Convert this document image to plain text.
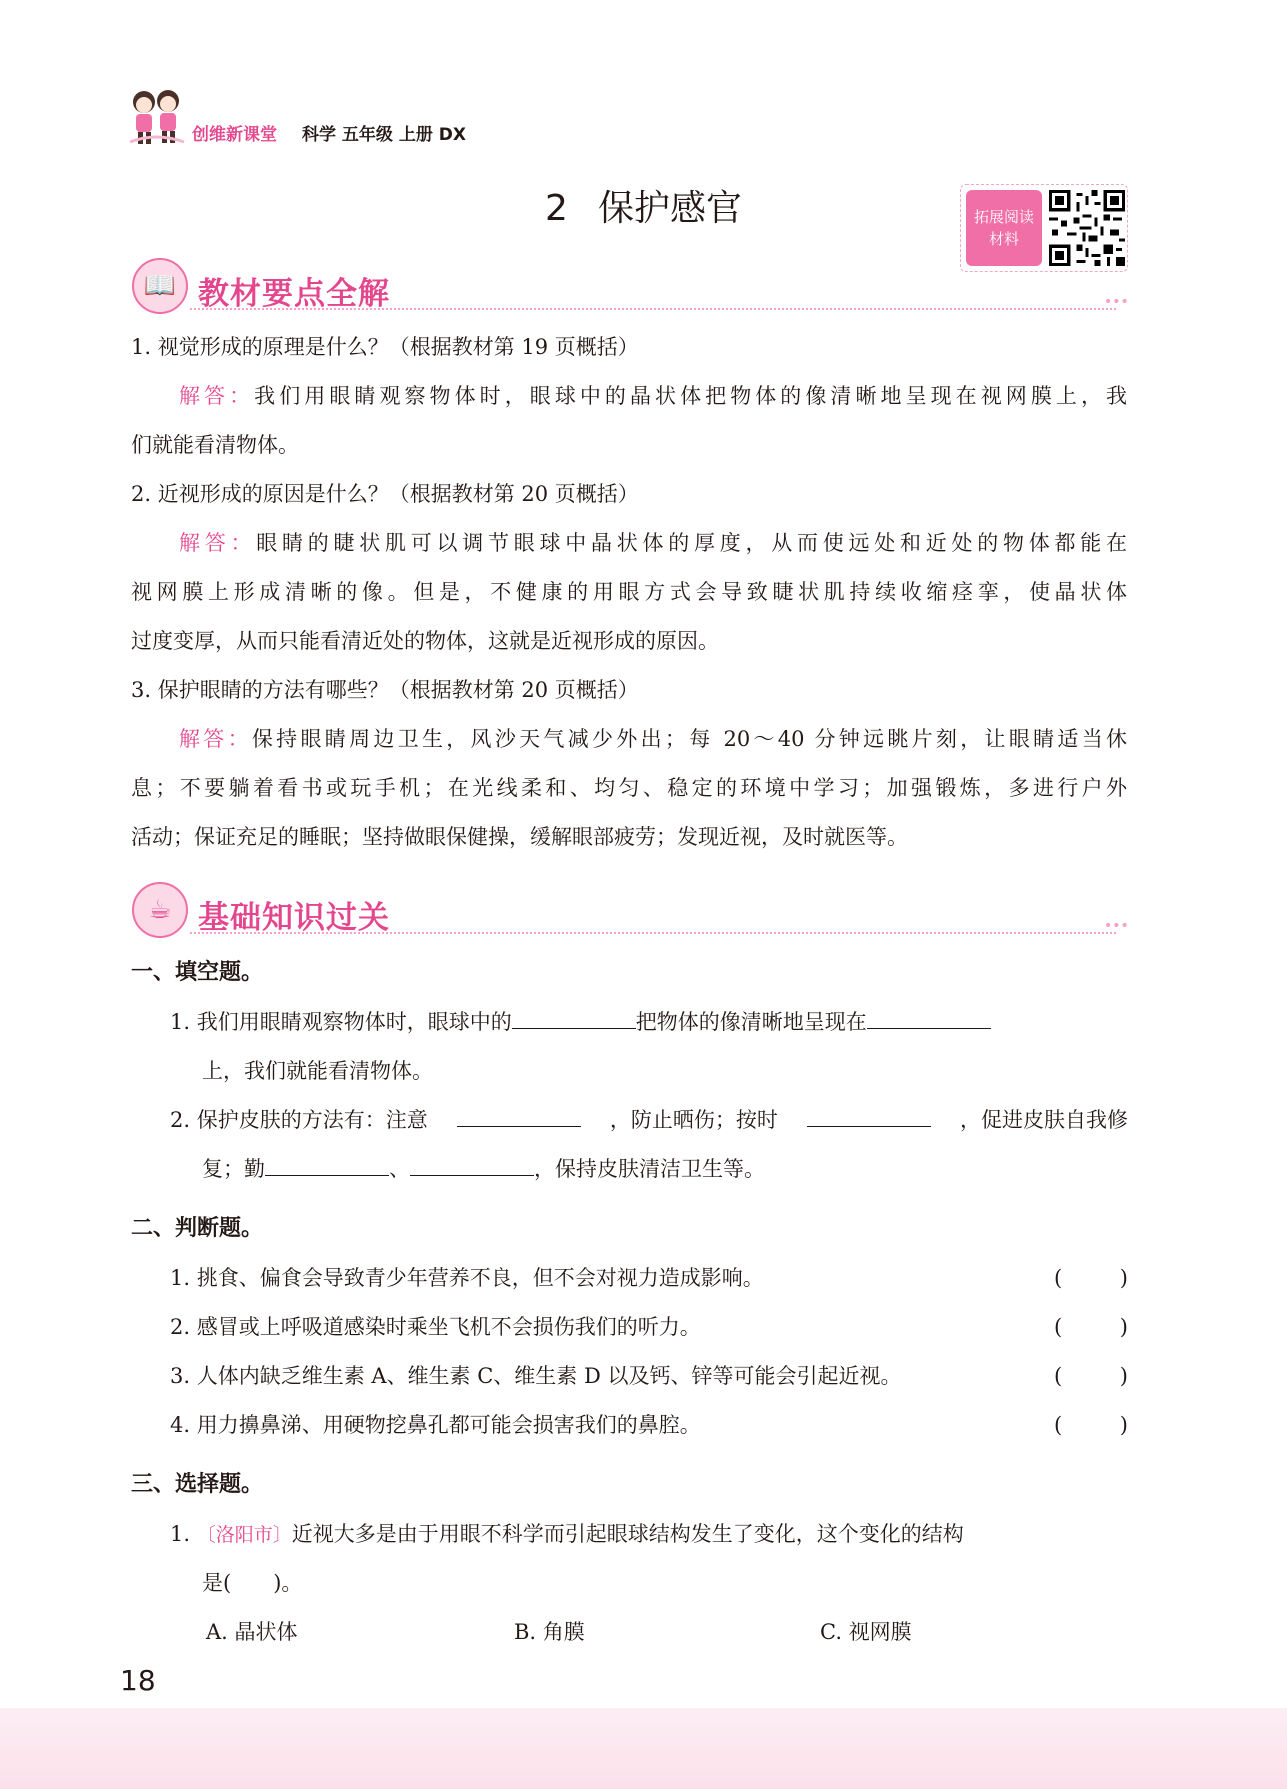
创维新课堂 科学 五年级 上册 DX
2 保护感官	拓展阅读
材料
📖 教材要点全解	•••
1. 视觉形成的原理是什么？（根据教材第 19 页概括）
解答：我们用眼睛观察物体时，眼球中的晶状体把物体的像清晰地呈现在视网膜上，我
们就能看清物体。
2. 近视形成的原因是什么？（根据教材第 20 页概括）
解答：眼睛的睫状肌可以调节眼球中晶状体的厚度，从而使远处和近处的物体都能在
视网膜上形成清晰的像。但是，不健康的用眼方式会导致睫状肌持续收缩痉挛，使晶状体
过度变厚，从而只能看清近处的物体，这就是近视形成的原因。
3. 保护眼睛的方法有哪些？（根据教材第 20 页概括）
解答：保持眼睛周边卫生，风沙天气减少外出；每 20～40 分钟远眺片刻，让眼睛适当休
息；不要躺着看书或玩手机；在光线柔和、均匀、稳定的环境中学习；加强锻炼，多进行户外
活动；保证充足的睡眠；坚持做眼保健操，缓解眼部疲劳；发现近视，及时就医等。
☕ 基础知识过关	•••
一、填空题。
1. 我们用眼睛观察物体时，眼球中的	把物体的像清晰地呈现在
上，我们就能看清物体。
2. 保护皮肤的方法有：注意	，防止晒伤；按时	，促进皮肤自我修
复；勤	、	，保持皮肤清洁卫生等。
二、判断题。
1. 挑食、偏食会导致青少年营养不良，但不会对视力造成影响。	(	)
2. 感冒或上呼吸道感染时乘坐飞机不会损伤我们的听力。	(	)
3. 人体内缺乏维生素 A、维生素 C、维生素 D 以及钙、锌等可能会引起近视。	(	)
4. 用力擤鼻涕、用硬物挖鼻孔都可能会损害我们的鼻腔。	(	)
三、选择题。
1. 〔洛阳市〕近视大多是由于用眼不科学而引起眼球结构发生了变化，这个变化的结构
是(　　)。
A. 晶状体	B. 角膜	C. 视网膜
18
